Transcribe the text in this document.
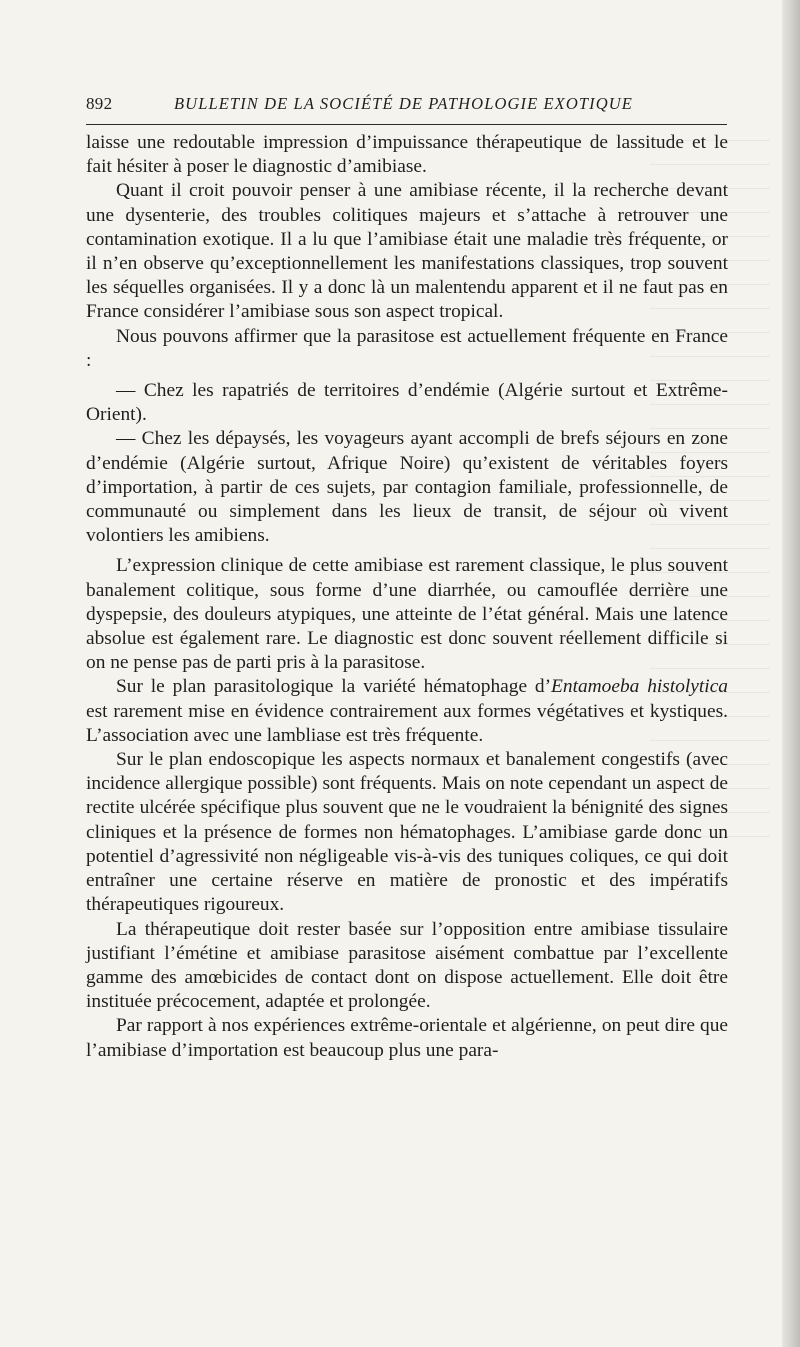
892	BULLETIN DE LA SOCIÉTÉ DE PATHOLOGIE EXOTIQUE

laisse une redoutable impression d’impuissance thérapeutique de lassitude et le fait hésiter à poser le diagnostic d’amibiase.

Quant il croit pouvoir penser à une amibiase récente, il la recherche devant une dysenterie, des troubles colitiques majeurs et s’attache à retrouver une contamination exotique. Il a lu que l’amibiase était une maladie très fréquente, or il n’en observe qu’exceptionnellement les manifestations classiques, trop souvent les séquelles organisées. Il y a donc là un malentendu apparent et il ne faut pas en France considérer l’amibiase sous son aspect tropical.

Nous pouvons affirmer que la parasitose est actuellement fréquente en France :

— Chez les rapatriés de territoires d’endémie (Algérie surtout et Extrême-Orient).

— Chez les dépaysés, les voyageurs ayant accompli de brefs séjours en zone d’endémie (Algérie surtout, Afrique Noire) qu’existent de véritables foyers d’importation, à partir de ces sujets, par contagion familiale, professionnelle, de communauté ou simplement dans les lieux de transit, de séjour où vivent volontiers les amibiens.

L’expression clinique de cette amibiase est rarement classique, le plus souvent banalement colitique, sous forme d’une diarrhée, ou camouflée derrière une dyspepsie, des douleurs atypiques, une atteinte de l’état général. Mais une latence absolue est également rare. Le diagnostic est donc souvent réellement difficile si on ne pense pas de parti pris à la parasitose.

Sur le plan parasitologique la variété hématophage d’Entamoeba histolytica est rarement mise en évidence contrairement aux formes végétatives et kystiques. L’association avec une lambliase est très fréquente.

Sur le plan endoscopique les aspects normaux et banalement congestifs (avec incidence allergique possible) sont fréquents. Mais on note cependant un aspect de rectite ulcérée spécifique plus souvent que ne le voudraient la bénignité des signes cliniques et la présence de formes non hématophages. L’amibiase garde donc un potentiel d’agressivité non négligeable vis-à-vis des tuniques coliques, ce qui doit entraîner une certaine réserve en matière de pronostic et des impératifs thérapeutiques rigoureux.

La thérapeutique doit rester basée sur l’opposition entre amibiase tissulaire justifiant l’émétine et amibiase parasitose aisément combattue par l’excellente gamme des amœbicides de contact dont on dispose actuellement. Elle doit être instituée précocement, adaptée et prolongée.

Par rapport à nos expériences extrême-orientale et algérienne, on peut dire que l’amibiase d’importation est beaucoup plus une para-
